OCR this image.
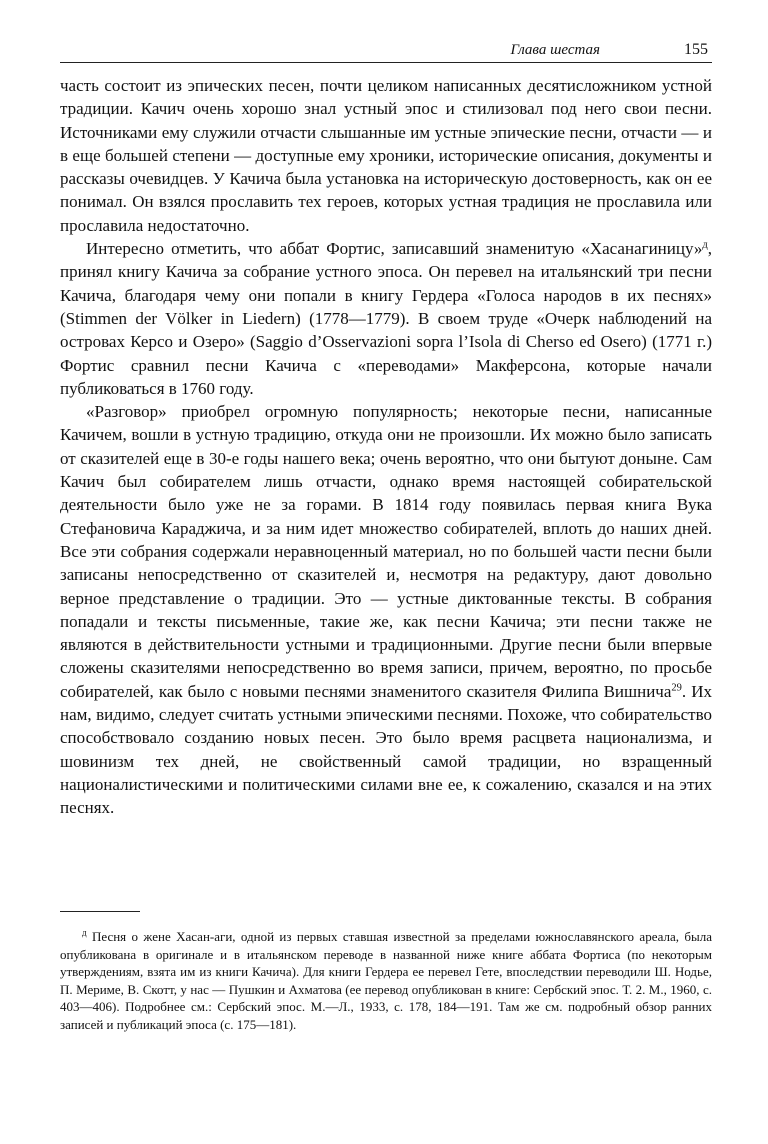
Глава шестая	155

часть состоит из эпических песен, почти целиком написанных десятисложником устной традиции. Качич очень хорошо знал устный эпос и стилизовал под него свои песни. Источниками ему служили отчасти слышанные им устные эпические песни, отчасти — и в еще большей степени — доступные ему хроники, исторические описания, документы и рассказы очевидцев. У Качича была установка на историческую достоверность, как он ее понимал. Он взялся прославить тех героев, которых устная традиция не прославила или прославила недостаточно.

Интересно отметить, что аббат Фортис, записавший знаменитую «Хасанагиницу»$^д$, принял книгу Качича за собрание устного эпоса. Он перевел на итальянский три песни Качича, благодаря чему они попали в книгу Гердера «Голоса народов в их песнях» (Stimmen der Völker in Liedern) (1778—1779). В своем труде «Очерк наблюдений на островах Керсо и Озеро» (Saggio d’Osservazioni sopra l’Isola di Cherso ed Osero) (1771 г.) Фортис сравнил песни Качича с «переводами» Макферсона, которые начали публиковаться в 1760 году.

«Разговор» приобрел огромную популярность; некоторые песни, написанные Качичем, вошли в устную традицию, откуда они не произошли. Их можно было записать от сказителей еще в 30-е годы нашего века; очень вероятно, что они бытуют доныне. Сам Качич был собирателем лишь отчасти, однако время настоящей собирательской деятельности было уже не за горами. В 1814 году появилась первая книга Вука Стефановича Караджича, и за ним идет множество собирателей, вплоть до наших дней. Все эти собрания содержали неравноценный материал, но по большей части песни были записаны непосредственно от сказителей и, несмотря на редактуру, дают довольно верное представление о традиции. Это — устные диктованные тексты. В собрания попадали и тексты письменные, такие же, как песни Качича; эти песни также не являются в действительности устными и традиционными. Другие песни были впервые сложены сказителями непосредственно во время записи, причем, вероятно, по просьбе собирателей, как было с новыми песнями знаменитого сказителя Филипа Вишнича$^{29}$. Их нам, видимо, следует считать устными эпическими песнями. Похоже, что собирательство способствовало созданию новых песен. Это было время расцвета национализма, и шовинизм тех дней, не свойственный самой традиции, но взращенный националистическими и политическими силами вне ее, к сожалению, сказался и на этих песнях.

$^д$ Песня о жене Хасан-аги, одной из первых ставшая известной за пределами южнославянского ареала, была опубликована в оригинале и в итальянском переводе в названной ниже книге аббата Фортиса (по некоторым утверждениям, взята им из книги Качича). Для книги Гердера ее перевел Гете, впоследствии переводили Ш. Нодье, П. Мериме, В. Скотт, у нас — Пушкин и Ахматова (ее перевод опубликован в книге: Сербский эпос. Т. 2. М., 1960, с. 403—406). Подробнее см.: Сербский эпос. М.—Л., 1933, с. 178, 184—191. Там же см. подробный обзор ранних записей и публикаций эпоса (с. 175—181).
